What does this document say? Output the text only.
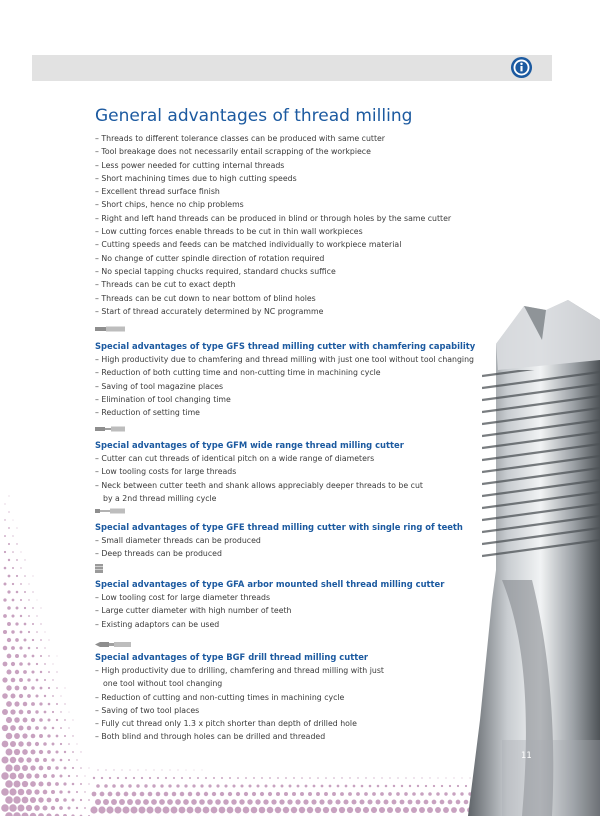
General advantages of thread milling
– Threads to different tolerance classes can be produced with same cutter
– Tool breakage does not necessarily entail scrapping of the workpiece
– Less power needed for cutting internal threads
– Short machining times due to high cutting speeds
– Excellent thread surface finish
– Short chips, hence no chip problems
– Right and left hand threads can be produced in blind or through holes by the same cutter
– Low cutting forces enable threads to be cut in thin wall workpieces
– Cutting speeds and feeds can be matched individually to workpiece material
– No change of cutter spindle direction of rotation required
– No special tapping chucks required, standard chucks suffice
– Threads can be cut to exact depth
– Threads can be cut down to near bottom of blind holes
– Start of thread accurately determined by NC programme
Special advantages of type GFS thread milling cutter with chamfering capability
– High productivity due to chamfering and thread milling with just one tool without tool changing
– Reduction of both cutting time and non-cutting time in machining cycle
– Saving of tool magazine places
– Elimination of tool changing time
– Reduction of setting time
Special advantages of type GFM wide range thread milling cutter
– Cutter can cut threads of identical pitch on a wide range of diameters
– Low tooling costs for large threads
– Neck between cutter teeth and shank allows appreciably deeper threads to be cut
by a 2nd thread milling cycle
Special advantages of type GFE thread milling cutter with single ring of teeth
– Small diameter threads can be produced
– Deep threads can be produced
Special advantages of type GFA arbor mounted shell thread milling cutter
– Low tooling cost for large diameter threads
– Large cutter diameter with high number of teeth
– Existing adaptors can be used
Special advantages of type BGF drill thread milling cutter
– High productivity due to drilling, chamfering and thread milling with just
one tool without tool changing
– Reduction of cutting and non-cutting times in machining cycle
– Saving of two tool places
– Fully cut thread only 1.3 x pitch shorter than depth of drilled hole
– Both blind and through holes can be drilled and threaded
11
